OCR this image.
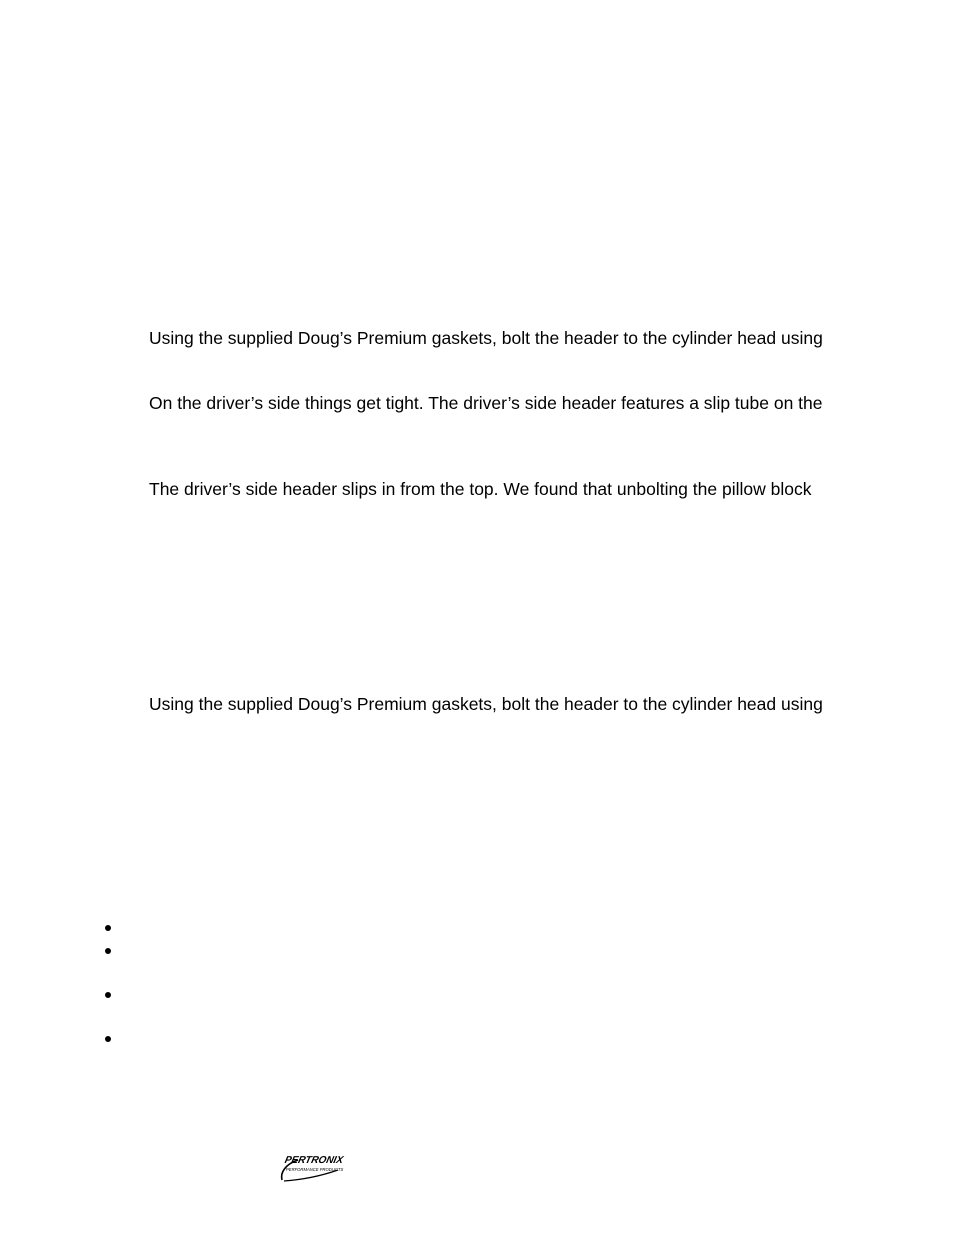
Using the supplied Doug’s Premium gaskets, bolt the header to the cylinder head using

On the driver’s side things get tight. The driver’s side header features a slip tube on the

The driver’s side header slips in from the top. We found that unbolting the pillow block

Using the supplied Doug’s Premium gaskets, bolt the header to the cylinder head using

PERTRONIX
PERFORMANCE PRODUCTS
